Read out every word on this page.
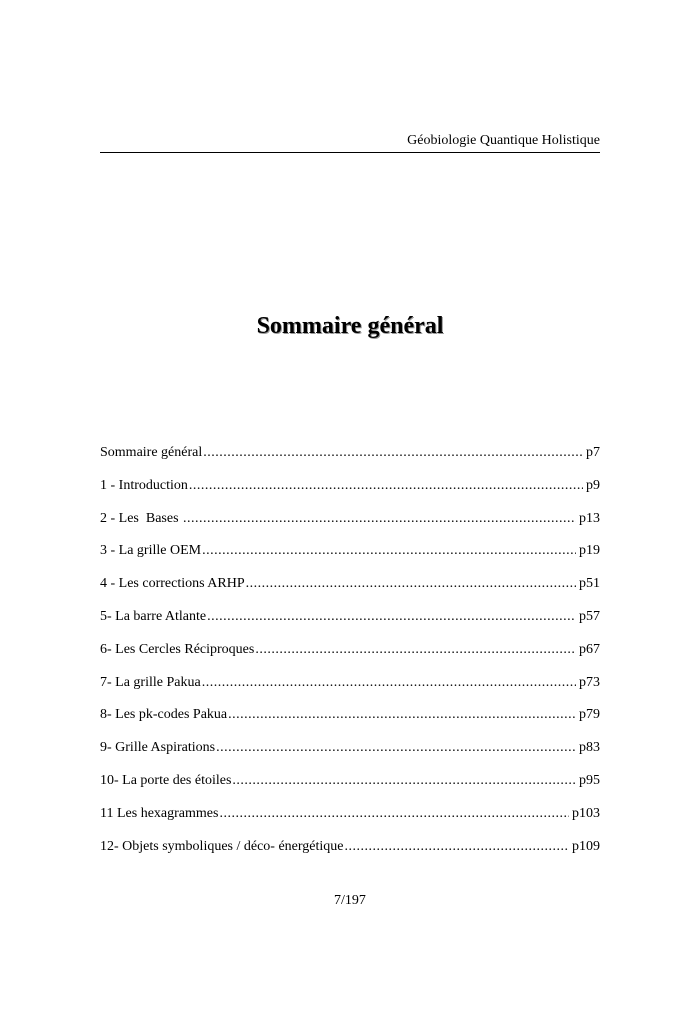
Géobiologie Quantique Holistique
Sommaire général
Sommaire général .....	p7
1 - Introduction .....	p9
2 - Les  Bases .....	p13
3 - La grille OEM .....	p19
4 - Les corrections ARHP .....	p51
5- La barre Atlante .....	p57
6- Les Cercles Réciproques .....	p67
7- La grille Pakua .....	p73
8- Les pk-codes Pakua .....	p79
9- Grille Aspirations .....	p83
10- La porte des étoiles .....	p95
11 Les hexagrammes .....	p103
12- Objets symboliques / déco- énergétique .....	p109
7/197
